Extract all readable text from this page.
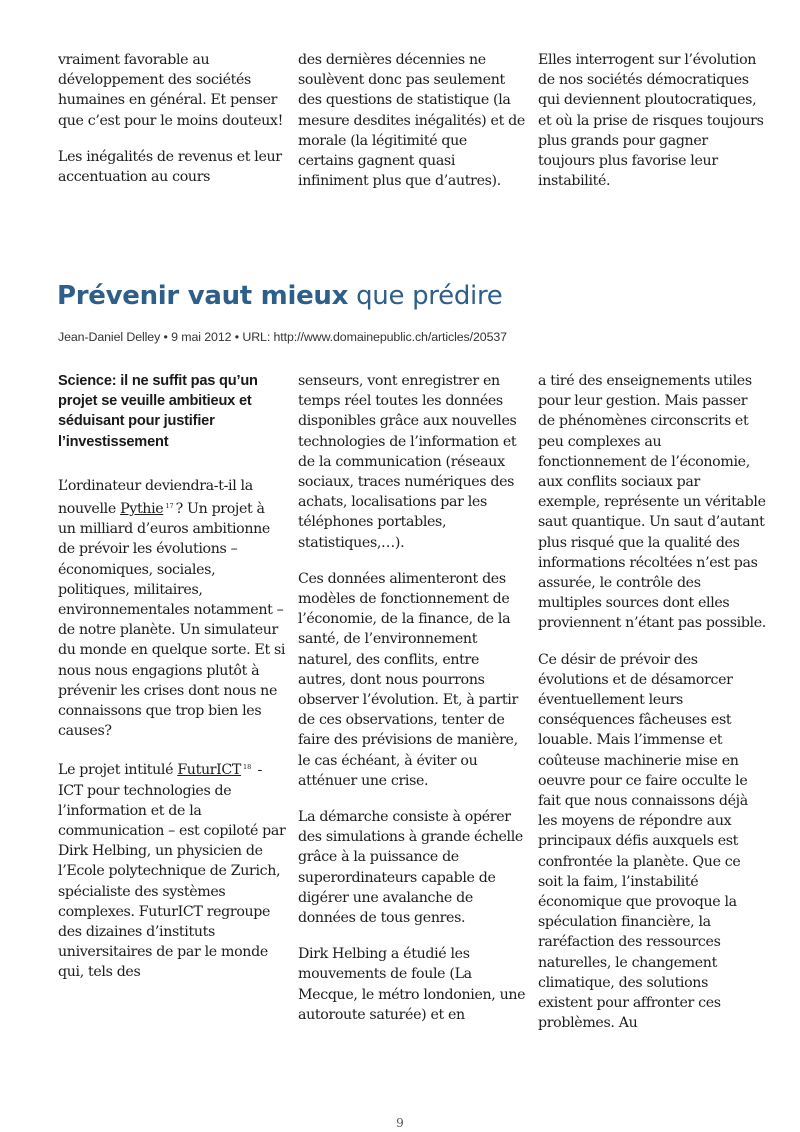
vraiment favorable au développement des sociétés humaines en général. Et penser que c’est pour le moins douteux!

Les inégalités de revenus et leur accentuation au cours

des dernières décennies ne soulèvent donc pas seulement des questions de statistique (la mesure desdites inégalités) et de morale (la légitimité que certains gagnent quasi infiniment plus que d’autres).

Elles interrogent sur l’évolution de nos sociétés démocratiques qui deviennent ploutocratiques, et où la prise de risques toujours plus grands pour gagner toujours plus favorise leur instabilité.

Prévenir vaut mieux que prédire

Jean-Daniel Delley • 9 mai 2012 • URL: http://www.domainepublic.ch/articles/20537

Science: il ne suffit pas qu’un projet se veuille ambitieux et séduisant pour justifier l’investissement

L’ordinateur deviendra-t-il la nouvelle Pythie $^{17}$ ? Un projet à un milliard d’euros ambitionne de prévoir les évolutions – économiques, sociales, politiques, militaires, environnementales notamment – de notre planète. Un simulateur du monde en quelque sorte. Et si nous nous engagions plutôt à prévenir les crises dont nous ne connaissons que trop bien les causes?

Le projet intitulé FuturICT $^{18}$ - ICT pour technologies de l’information et de la communication – est copiloté par Dirk Helbing, un physicien de l’Ecole polytechnique de Zurich, spécialiste des systèmes complexes. FuturICT regroupe des dizaines d’instituts universitaires de par le monde qui, tels des

senseurs, vont enregistrer en temps réel toutes les données disponibles grâce aux nouvelles technologies de l’information et de la communication (réseaux sociaux, traces numériques des achats, localisations par les téléphones portables, statistiques,…).

Ces données alimenteront des modèles de fonctionnement de l’économie, de la finance, de la santé, de l’environnement naturel, des conflits, entre autres, dont nous pourrons observer l’évolution. Et, à partir de ces observations, tenter de faire des prévisions de manière, le cas échéant, à éviter ou atténuer une crise.

La démarche consiste à opérer des simulations à grande échelle grâce à la puissance de superordinateurs capable de digérer une avalanche de données de tous genres.

Dirk Helbing a étudié les mouvements de foule (La Mecque, le métro londonien, une autoroute saturée) et en

a tiré des enseignements utiles pour leur gestion. Mais passer de phénomènes circonscrits et peu complexes au fonctionnement de l’économie, aux conflits sociaux par exemple, représente un véritable saut quantique. Un saut d’autant plus risqué que la qualité des informations récoltées n’est pas assurée, le contrôle des multiples sources dont elles proviennent n’étant pas possible.

Ce désir de prévoir des évolutions et de désamorcer éventuellement leurs conséquences fâcheuses est louable. Mais l’immense et coûteuse machinerie mise en oeuvre pour ce faire occulte le fait que nous connaissons déjà les moyens de répondre aux principaux défis auxquels est confrontée la planète. Que ce soit la faim, l’instabilité économique que provoque la spéculation financière, la raréfaction des ressources naturelles, le changement climatique, des solutions existent pour affronter ces problèmes. Au

9
